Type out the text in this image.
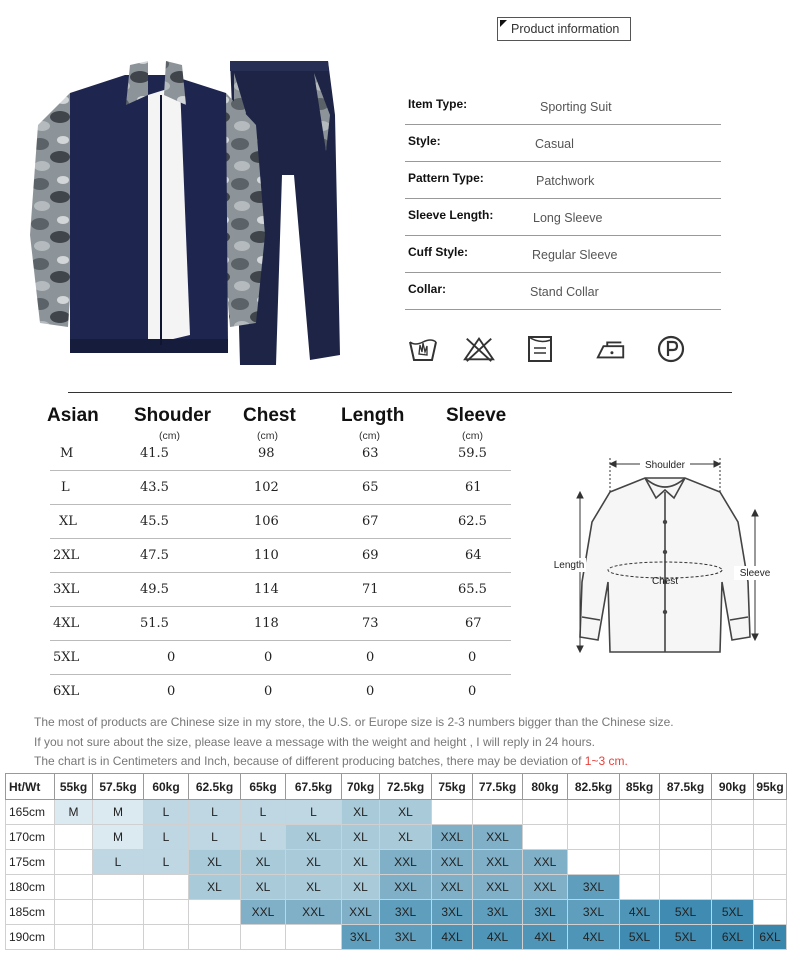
Product information
Item Type:	Sporting Suit
Style:	Casual
Pattern Type:	Patchwork
Sleeve Length:	Long Sleeve
Cuff Style:	Regular Sleeve
Collar:	Stand Collar
Asian Shouder Chest Length Sleeve
(cm)	(cm)	(cm)	(cm)
M	41.5	98	63	59.5
L	43.5	102	65	61
XL	45.5	106	67	62.5
2XL	47.5	110	69	64
3XL	49.5	114	71	65.5
4XL	51.5	118	73	67
5XL	0	0	0	0
6XL	0	0	0	0
Shoulder
Chest
Length
Sleeve
The most of products are Chinese size in my store, the U.S. or Europe size is 2-3 numbers bigger than the Chinese size.
If you not sure about the size, please leave a message with the weight and height , I will reply in 24 hours.
The chart is in Centimeters and Inch, because of different producing batches, there may be deviation of 1~3 cm.
Ht/Wt	55kg	57.5kg	60kg	62.5kg	65kg	67.5kg	70kg	72.5kg	75kg	77.5kg	80kg	82.5kg	85kg	87.5kg	90kg	95kg
165cm	M	M	L	L	L	L	XL	XL								
170cm		M	L	L	L	XL	XL	XL	XXL	XXL						
175cm		L	L	XL	XL	XL	XL	XXL	XXL	XXL	XXL					
180cm				XL	XL	XL	XL	XXL	XXL	XXL	XXL	3XL				
185cm					XXL	XXL	XXL	3XL	3XL	3XL	3XL	3XL	4XL	5XL	5XL	
190cm							3XL	3XL	4XL	4XL	4XL	4XL	5XL	5XL	6XL	6XL
